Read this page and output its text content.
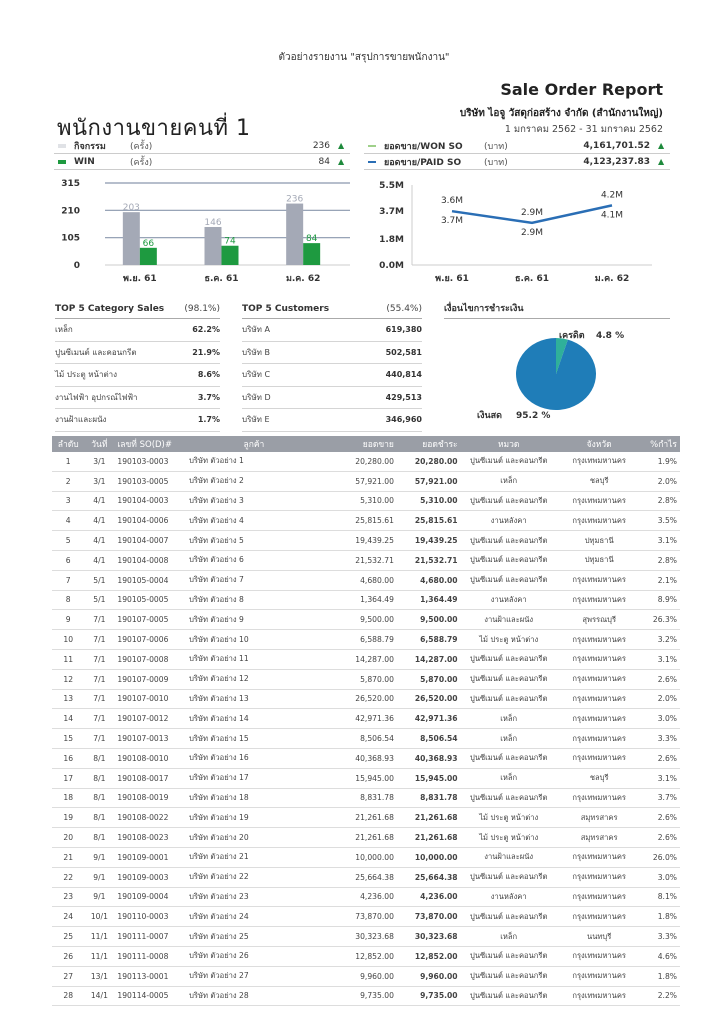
ตัวอย่างรายงาน "สรุปการขายพนักงาน"
Sale Order Report
บริษัท ไอจู วัสดุก่อสร้าง จำกัด (สำนักงานใหญ่)
1 มกราคม 2562 - 31 มกราคม 2562
พนักงานขายคนที่ 1
กิจกรรม	(ครั้ง)	236 ▲
WIN	(ครั้ง)	84 ▲
ยอดขาย/WON SO	(บาท)	4,161,701.52 ▲
ยอดขาย/PAID SO	(บาท)	4,123,237.83 ▲
0
105
210
315
203
66
พ.ย. 61
146
74
ธ.ค. 61
236
84
ม.ค. 62
0.0M
1.8M
3.7M
5.5M
พ.ย. 61
3.6M
3.7M
ธ.ค. 61
2.9M
2.9M
ม.ค. 62
4.2M
4.1M
TOP 5 Category Sales	(98.1%)
เหล็ก	62.2%
ปูนซีเมนต์ และคอนกรีต	21.9%
ไม้ ประตู หน้าต่าง	8.6%
งานไฟฟ้า อุปกรณ์ไฟฟ้า	3.7%
งานฝ้าและผนัง	1.7%
TOP 5 Customers	(55.4%)
บริษัท A	619,380
บริษัท B	502,581
บริษัท C	440,814
บริษัท D	429,513
บริษัท E	346,960
เงื่อนไขการชำระเงิน
เครดิต 4.8 %
เงินสด 95.2 %
ลำดับ	วันที่	เลขที่ SO(D)#	ลูกค้า	ยอดขาย	ยอดชำระ	หมวด	จังหวัด	%กำไร
1	3/1	190103-0003	บริษัท ตัวอย่าง 1	20,280.00	20,280.00	ปูนซีเมนต์ และคอนกรีต	กรุงเทพมหานคร	1.9%
2	3/1	190103-0005	บริษัท ตัวอย่าง 2	57,921.00	57,921.00	เหล็ก	ชลบุรี	2.0%
3	4/1	190104-0003	บริษัท ตัวอย่าง 3	5,310.00	5,310.00	ปูนซีเมนต์ และคอนกรีต	กรุงเทพมหานคร	2.8%
4	4/1	190104-0006	บริษัท ตัวอย่าง 4	25,815.61	25,815.61	งานหลังคา	กรุงเทพมหานคร	3.5%
5	4/1	190104-0007	บริษัท ตัวอย่าง 5	19,439.25	19,439.25	ปูนซีเมนต์ และคอนกรีต	ปทุมธานี	3.1%
6	4/1	190104-0008	บริษัท ตัวอย่าง 6	21,532.71	21,532.71	ปูนซีเมนต์ และคอนกรีต	ปทุมธานี	2.8%
7	5/1	190105-0004	บริษัท ตัวอย่าง 7	4,680.00	4,680.00	ปูนซีเมนต์ และคอนกรีต	กรุงเทพมหานคร	2.1%
8	5/1	190105-0005	บริษัท ตัวอย่าง 8	1,364.49	1,364.49	งานหลังคา	กรุงเทพมหานคร	8.9%
9	7/1	190107-0005	บริษัท ตัวอย่าง 9	9,500.00	9,500.00	งานฝ้าและผนัง	สุพรรณบุรี	26.3%
10	7/1	190107-0006	บริษัท ตัวอย่าง 10	6,588.79	6,588.79	ไม้ ประตู หน้าต่าง	กรุงเทพมหานคร	3.2%
11	7/1	190107-0008	บริษัท ตัวอย่าง 11	14,287.00	14,287.00	ปูนซีเมนต์ และคอนกรีต	กรุงเทพมหานคร	3.1%
12	7/1	190107-0009	บริษัท ตัวอย่าง 12	5,870.00	5,870.00	ปูนซีเมนต์ และคอนกรีต	กรุงเทพมหานคร	2.6%
13	7/1	190107-0010	บริษัท ตัวอย่าง 13	26,520.00	26,520.00	ปูนซีเมนต์ และคอนกรีต	กรุงเทพมหานคร	2.0%
14	7/1	190107-0012	บริษัท ตัวอย่าง 14	42,971.36	42,971.36	เหล็ก	กรุงเทพมหานคร	3.0%
15	7/1	190107-0013	บริษัท ตัวอย่าง 15	8,506.54	8,506.54	เหล็ก	กรุงเทพมหานคร	3.3%
16	8/1	190108-0010	บริษัท ตัวอย่าง 16	40,368.93	40,368.93	ปูนซีเมนต์ และคอนกรีต	กรุงเทพมหานคร	2.6%
17	8/1	190108-0017	บริษัท ตัวอย่าง 17	15,945.00	15,945.00	เหล็ก	ชลบุรี	3.1%
18	8/1	190108-0019	บริษัท ตัวอย่าง 18	8,831.78	8,831.78	ปูนซีเมนต์ และคอนกรีต	กรุงเทพมหานคร	3.7%
19	8/1	190108-0022	บริษัท ตัวอย่าง 19	21,261.68	21,261.68	ไม้ ประตู หน้าต่าง	สมุทรสาคร	2.6%
20	8/1	190108-0023	บริษัท ตัวอย่าง 20	21,261.68	21,261.68	ไม้ ประตู หน้าต่าง	สมุทรสาคร	2.6%
21	9/1	190109-0001	บริษัท ตัวอย่าง 21	10,000.00	10,000.00	งานฝ้าและผนัง	กรุงเทพมหานคร	26.0%
22	9/1	190109-0003	บริษัท ตัวอย่าง 22	25,664.38	25,664.38	ปูนซีเมนต์ และคอนกรีต	กรุงเทพมหานคร	3.0%
23	9/1	190109-0004	บริษัท ตัวอย่าง 23	4,236.00	4,236.00	งานหลังคา	กรุงเทพมหานคร	8.1%
24	10/1	190110-0003	บริษัท ตัวอย่าง 24	73,870.00	73,870.00	ปูนซีเมนต์ และคอนกรีต	กรุงเทพมหานคร	1.8%
25	11/1	190111-0007	บริษัท ตัวอย่าง 25	30,323.68	30,323.68	เหล็ก	นนทบุรี	3.3%
26	11/1	190111-0008	บริษัท ตัวอย่าง 26	12,852.00	12,852.00	ปูนซีเมนต์ และคอนกรีต	กรุงเทพมหานคร	4.6%
27	13/1	190113-0001	บริษัท ตัวอย่าง 27	9,960.00	9,960.00	ปูนซีเมนต์ และคอนกรีต	กรุงเทพมหานคร	1.8%
28	14/1	190114-0005	บริษัท ตัวอย่าง 28	9,735.00	9,735.00	ปูนซีเมนต์ และคอนกรีต	กรุงเทพมหานคร	2.2%
